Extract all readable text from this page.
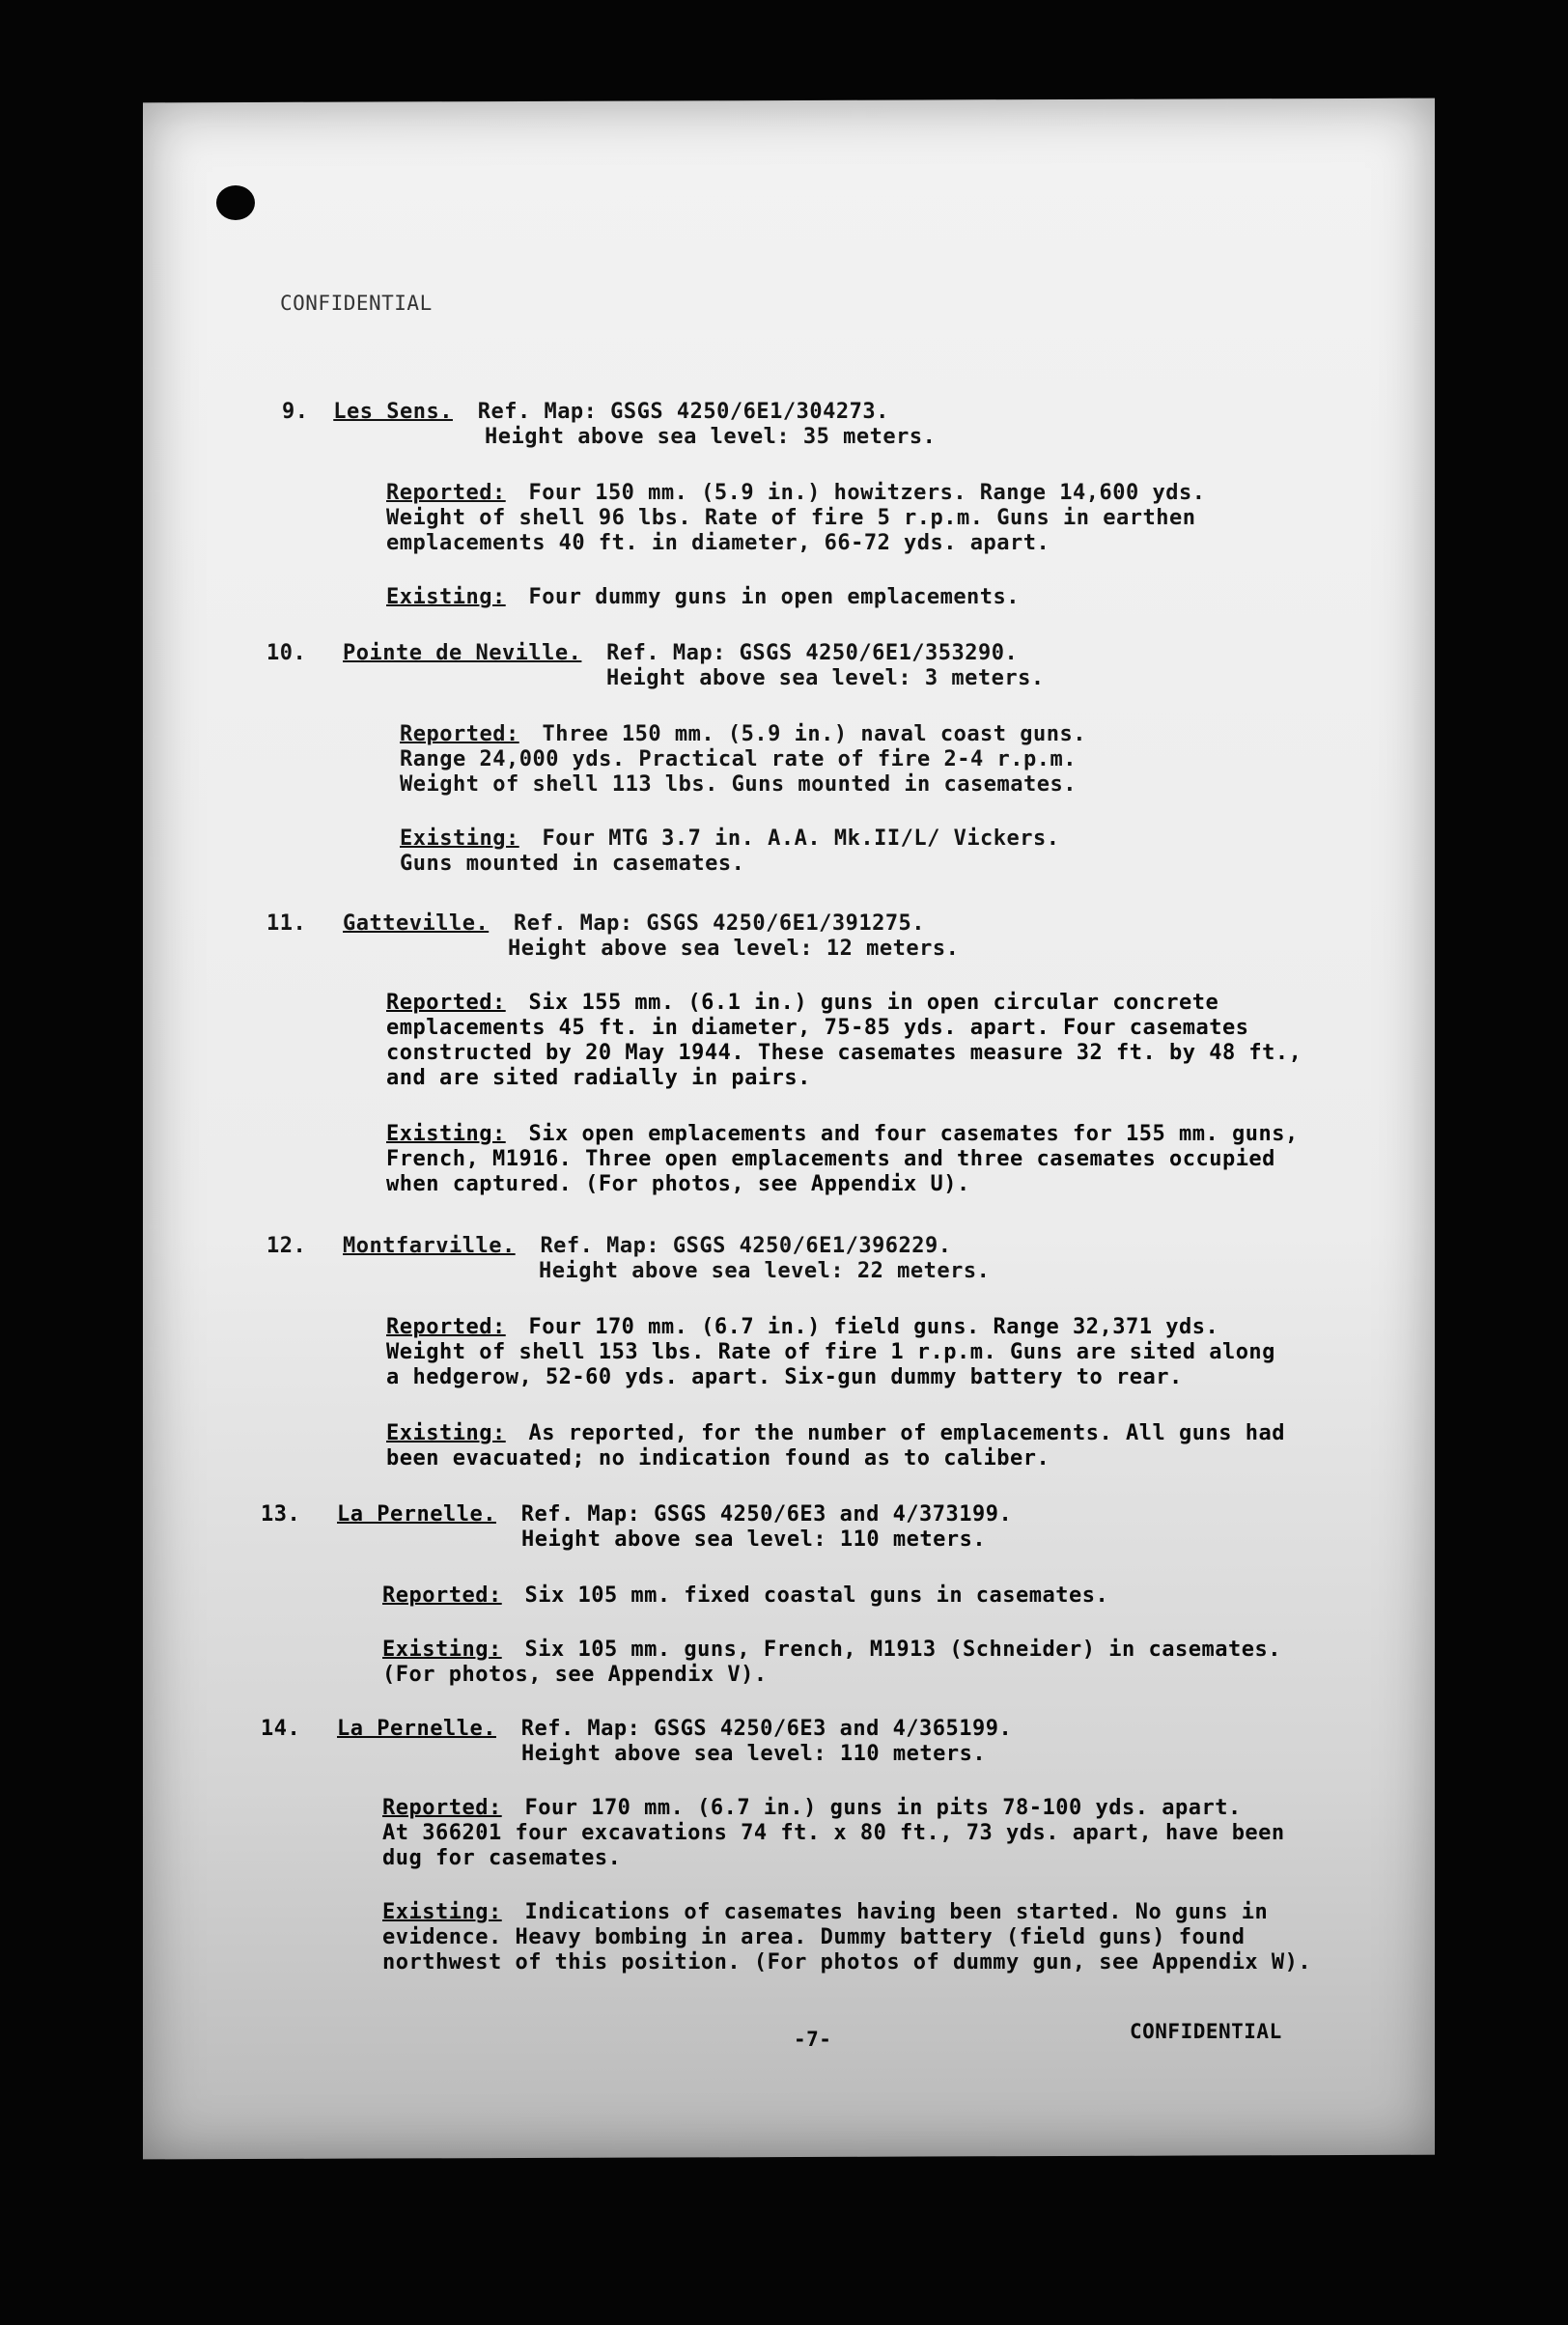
CONFIDENTIAL
9. Les Sens. Ref. Map: GSGS 4250/6E1/304273.
Height above sea level: 35 meters.
Reported: Four 150 mm. (5.9 in.) howitzers. Range 14,600 yds.
Weight of shell 96 lbs. Rate of fire 5 r.p.m. Guns in earthen
emplacements 40 ft. in diameter, 66-72 yds. apart.
Existing: Four dummy guns in open emplacements.
10. Pointe de Neville. Ref. Map: GSGS 4250/6E1/353290.
Height above sea level: 3 meters.
Reported: Three 150 mm. (5.9 in.) naval coast guns.
Range 24,000 yds. Practical rate of fire 2-4 r.p.m.
Weight of shell 113 lbs. Guns mounted in casemates.
Existing: Four MTG 3.7 in. A.A. Mk.II/L/ Vickers.
Guns mounted in casemates.
11. Gatteville. Ref. Map: GSGS 4250/6E1/391275.
Height above sea level: 12 meters.
Reported: Six 155 mm. (6.1 in.) guns in open circular concrete
emplacements 45 ft. in diameter, 75-85 yds. apart. Four casemates
constructed by 20 May 1944. These casemates measure 32 ft. by 48 ft.,
and are sited radially in pairs.
Existing: Six open emplacements and four casemates for 155 mm. guns,
French, M1916. Three open emplacements and three casemates occupied
when captured. (For photos, see Appendix U).
12. Montfarville. Ref. Map: GSGS 4250/6E1/396229.
Height above sea level: 22 meters.
Reported: Four 170 mm. (6.7 in.) field guns. Range 32,371 yds.
Weight of shell 153 lbs. Rate of fire 1 r.p.m. Guns are sited along
a hedgerow, 52-60 yds. apart. Six-gun dummy battery to rear.
Existing: As reported, for the number of emplacements. All guns had
been evacuated; no indication found as to caliber.
13. La Pernelle. Ref. Map: GSGS 4250/6E3 and 4/373199.
Height above sea level: 110 meters.
Reported: Six 105 mm. fixed coastal guns in casemates.
Existing: Six 105 mm. guns, French, M1913 (Schneider) in casemates.
(For photos, see Appendix V).
14. La Pernelle. Ref. Map: GSGS 4250/6E3 and 4/365199.
Height above sea level: 110 meters.
Reported: Four 170 mm. (6.7 in.) guns in pits 78-100 yds. apart.
At 366201 four excavations 74 ft. x 80 ft., 73 yds. apart, have been
dug for casemates.
Existing: Indications of casemates having been started. No guns in
evidence. Heavy bombing in area. Dummy battery (field guns) found
northwest of this position. (For photos of dummy gun, see Appendix W).
-7-	CONFIDENTIAL
